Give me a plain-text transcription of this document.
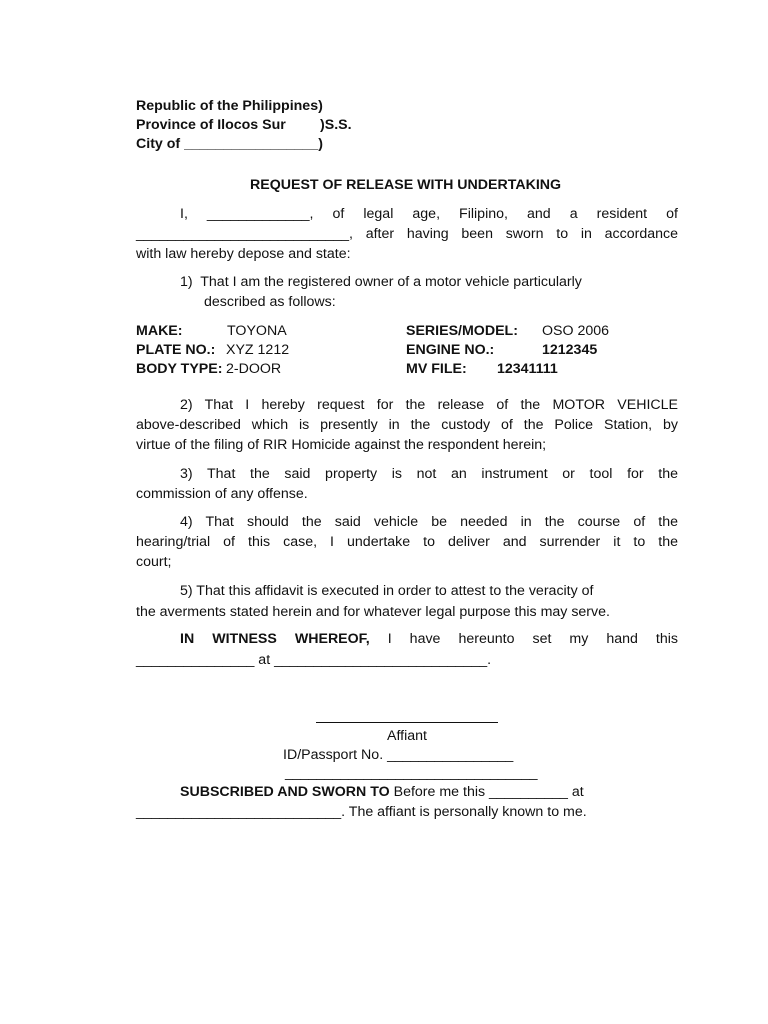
Republic of the Philippines)
Province of Ilocos Sur )S.S.
City of _________________)
REQUEST OF RELEASE WITH UNDERTAKING
I, _____________, of legal age, Filipino, and a resident of
___________________________, after having been sworn to in accordance
with law hereby depose and state:
1)  That I am the registered owner of a motor vehicle particularly
described as follows:
MAKE:	TOYONA	SERIES/MODEL: OSO 2006
PLATE NO.: XYZ 1212	ENGINE NO.:	1212345
BODY TYPE: 2-DOOR	MV FILE: 12341111
2) That I hereby request for the release of the MOTOR VEHICLE
above-described which is presently in the custody of the Police Station, by
virtue of the filing of RIR Homicide against the respondent herein;
3) That the said property is not an instrument or tool for the
commission of any offense.
4) That should the said vehicle be needed in the course of the
hearing/trial of this case, I undertake to deliver and surrender it to the
court;
5) That this affidavit is executed in order to attest to the veracity of
the averments stated herein and for whatever legal purpose this may serve.
IN WITNESS WHEREOF, I have hereunto set my hand this
_______________ at ___________________________.
Affiant
ID/Passport No. ________________
________________________________
SUBSCRIBED AND SWORN TO Before me this __________ at
__________________________. The affiant is personally known to me.
